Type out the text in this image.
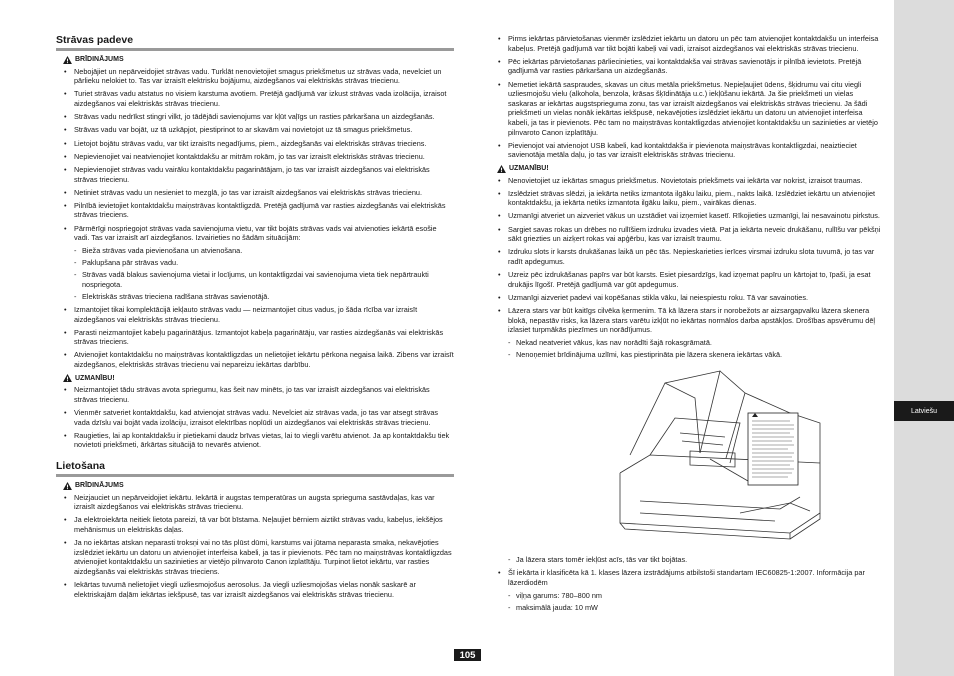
Latviešu
105
Strāvas padeve
BRĪDINĀJUMS
• Nebojājiet un nepārveidojiet strāvas vadu. Turklāt nenovietojiet smagus priekšmetus uz strāvas vada, nevelciet un pārlieku nelokiet to. Tas var izraisīt elektrisku bojājumu, aizdegšanos vai elektriskās strāvas triecienu.
• Turiet strāvas vadu atstatus no visiem karstuma avotiem. Pretējā gadījumā var izkust strāvas vada izolācija, izraisot aizdegšanos vai elektriskās strāvas triecienu.
• Strāvas vadu nedrīkst stingri vilkt, jo tādējādi savienojums var kļūt vaļīgs un rasties pārkaršana un aizdegšanās.
• Strāvas vadu var bojāt, uz tā uzkāpjot, piestiprinot to ar skavām vai novietojot uz tā smagus priekšmetus.
• Lietojot bojātu strāvas vadu, var tikt izraisīts negadījums, piem., aizdegšanās vai elektriskās strāvas trieciens.
• Nepievienojiet vai neatvienojiet kontaktdakšu ar mitrām rokām, jo tas var izraisīt elektriskās strāvas triecienu.
• Nepievienojiet strāvas vadu vairāku kontaktdakšu pagarinātājam, jo tas var izraisīt aizdegšanos vai elektriskās strāvas triecienu.
• Netiniet strāvas vadu un nesieniet to mezglā, jo tas var izraisīt aizdegšanos vai elektriskās strāvas triecienu.
• Pilnībā ievietojiet kontaktdakšu maiņstrāvas kontaktligzdā. Pretējā gadījumā var rasties aizdegšanās vai elektriskās strāvas trieciens.
• Pārmērīgi nospriegojot strāvas vada savienojuma vietu, var tikt bojāts strāvas vads vai atvienoties iekārtā esošie vadi. Tas var izraisīt arī aizdegšanos. Izvairieties no šādām situācijām:
- Bieža strāvas vada pievienošana un atvienošana.
- Paklupšana pār strāvas vadu.
- Strāvas vadā blakus savienojuma vietai ir locījums, un kontaktligzdai vai savienojuma vieta tiek nepārtraukti nospriegota.
- Elektriskās strāvas trieciena radīšana strāvas savienotājā.
• Izmantojiet tikai komplektācijā iekļauto strāvas vadu — neizmantojiet citus vadus, jo šāda rīcība var izraisīt aizdegšanos vai elektriskās strāvas triecienu.
• Parasti neizmantojiet kabeļu pagarinātājus. Izmantojot kabeļa pagarinātāju, var rasties aizdegšanās vai elektriskās strāvas trieciens.
• Atvienojiet kontaktdakšu no maiņstrāvas kontaktligzdas un nelietojiet iekārtu pērkona negaisa laikā. Zibens var izraisīt aizdegšanos, elektriskās strāvas triecienu vai nepareizu iekārtas darbību.
UZMANĪBU!
• Neizmantojiet tādu strāvas avota spriegumu, kas šeit nav minēts, jo tas var izraisīt aizdegšanos vai elektriskās strāvas triecienu.
• Vienmēr satveriet kontaktdakšu, kad atvienojat strāvas vadu. Nevelciet aiz strāvas vada, jo tas var atsegt strāvas vada dzīslu vai bojāt vada izolāciju, izraisot elektrības noplūdi un aizdegšanos vai elektriskās strāvas triecienu.
• Raugieties, lai ap kontaktdakšu ir pietiekami daudz brīvas vietas, lai to viegli varētu atvienot. Ja ap kontaktdakšu tiek novietoti priekšmeti, ārkārtas situācijā to nevarēs atvienot.
Lietošana
BRĪDINĀJUMS
• Neizjauciet un nepārveidojiet iekārtu. Iekārtā ir augstas temperatūras un augsta sprieguma sastāvdaļas, kas var izraisīt aizdegšanos vai elektriskās strāvas triecienu.
• Ja elektroiekārta neitiek lietota pareizi, tā var būt bīstama. Neļaujiet bērniem aiztikt strāvas vadu, kabeļus, iekšējos mehānismus un elektriskās daļas.
• Ja no iekārtas atskan neparasti troksņi vai no tās plūst dūmi, karstums vai jūtama neparasta smaka, nekavējoties izslēdziet iekārtu un datoru un atvienojiet interfeisa kabeli, ja tas ir pievienots. Pēc tam no maiņstrāvas kontaktligzdas atvienojiet kontaktdakšu un sazinieties ar vietējo pilnvaroto Canon izplatītāju. Turpinot lietot iekārtu, var rasties aizdegšanās vai elektriskās strāvas trieciens.
• Iekārtas tuvumā nelietojiet viegli uzliesmojošus aerosolus. Ja viegli uzliesmojošas vielas nonāk saskarē ar elektriskajām daļām iekārtas iekšpusē, tas var izraisīt aizdegšanos vai elektriskās strāvas triecienu.
• Pirms iekārtas pārvietošanas vienmēr izslēdziet iekārtu un datoru un pēc tam atvienojiet kontaktdakšu un interfeisa kabeļus. Pretējā gadījumā var tikt bojāti kabeļi vai vadi, izraisot aizdegšanos vai elektriskās strāvas triecienu.
• Pēc iekārtas pārvietošanas pārliecinieties, vai kontaktdakša vai strāvas savienotājs ir pilnībā ievietots. Pretējā gadījumā var rasties pārkaršana un aizdegšanās.
• Nemetiet iekārtā saspraudes, skavas un citus metāla priekšmetus. Nepieļaujiet ūdens, šķidrumu vai citu viegli uzliesmojošu vielu (alkohola, benzola, krāsas šķīdinātāja u.c.) iekļūšanu iekārtā. Ja šie priekšmeti un vielas saskaras ar iekārtas augstsprieguma zonu, tas var izraisīt aizdegšanos vai elektriskās strāvas triecienu. Ja šādi priekšmeti un vielas nonāk iekārtas iekšpusē, nekavējoties izslēdziet iekārtu un datoru un atvienojiet interfeisa kabeli, ja tas ir pievienots. Pēc tam no maiņstrāvas kontaktligzdas atvienojiet kontaktdakšu un sazinieties ar vietējo pilnvaroto Canon izplatītāju.
• Pievienojot vai atvienojot USB kabeli, kad kontaktdakša ir pievienota maiņstrāvas kontaktligzdai, neaiztieciet savienotāja metāla daļu, jo tas var izraisīt elektriskās strāvas triecienu.
UZMANĪBU!
• Nenovietojiet uz iekārtas smagus priekšmetus. Novietotais priekšmets vai iekārta var nokrist, izraisot traumas.
• Izslēdziet strāvas slēdzi, ja iekārta netiks izmantota ilgāku laiku, piem., nakts laikā. Izslēdziet iekārtu un atvienojiet kontaktdakšu, ja iekārta netiks izmantota ilgāku laiku, piem., vairākas dienas.
• Uzmanīgi atveriet un aizveriet vākus un uzstādiet vai izņemiet kasetī. Rīkojieties uzmanīgi, lai nesavainotu pirkstus.
• Sargiet savas rokas un drēbes no rullīšiem izdruku izvades vietā. Pat ja iekārta neveic drukāšanu, rullīšu var pēkšņi sākt griezties un aizķert rokas vai apģērbu, kas var izraisīt traumu.
• Izdruku slots ir karsts drukāšanas laikā un pēc tās. Nepieskarieties ierīces virsmai izdruku slota tuvumā, jo tas var radīt apdegumus.
• Uzreiz pēc izdrukāšanas papīrs var būt karsts. Esiet piesardzīgs, kad izņemat papīru un kārtojat to, īpaši, ja esat drukājis līgošī. Pretējā gadījumā var gūt apdegumus.
• Uzmanīgi aizveriet padevi vai kopēšanas stikla vāku, lai neiespiestu roku. Tā var savainoties.
• Lāzera stars var būt kaitīgs cilvēka ķermenim. Tā kā lāzera stars ir norobežots ar aizsargapvalku lāzera skenera blokā, nepastāv risks, ka lāzera stars varētu izkļūt no iekārtas normālos darba apstākļos. Drošības apsvērumu dēļ izlasiet turpmākās piezīmes un norādījumus.
- Nekad neatveriet vākus, kas nav norādīti šajā rokasgrāmatā.
- Nenoņemiet brīdinājuma uzlīmi, kas piestiprināta pie lāzera skenera iekārtas vākā.
- Ja lāzera stars tomēr iekļūst acīs, tās var tikt bojātas.
• Šī iekārta ir klasificēta kā 1. klases lāzera izstrādājums atbilstoši standartam IEC60825-1:2007. Informācija par lāzerdiodēm
- viļņa garums: 780–800 nm
- maksimālā jauda: 10 mW
